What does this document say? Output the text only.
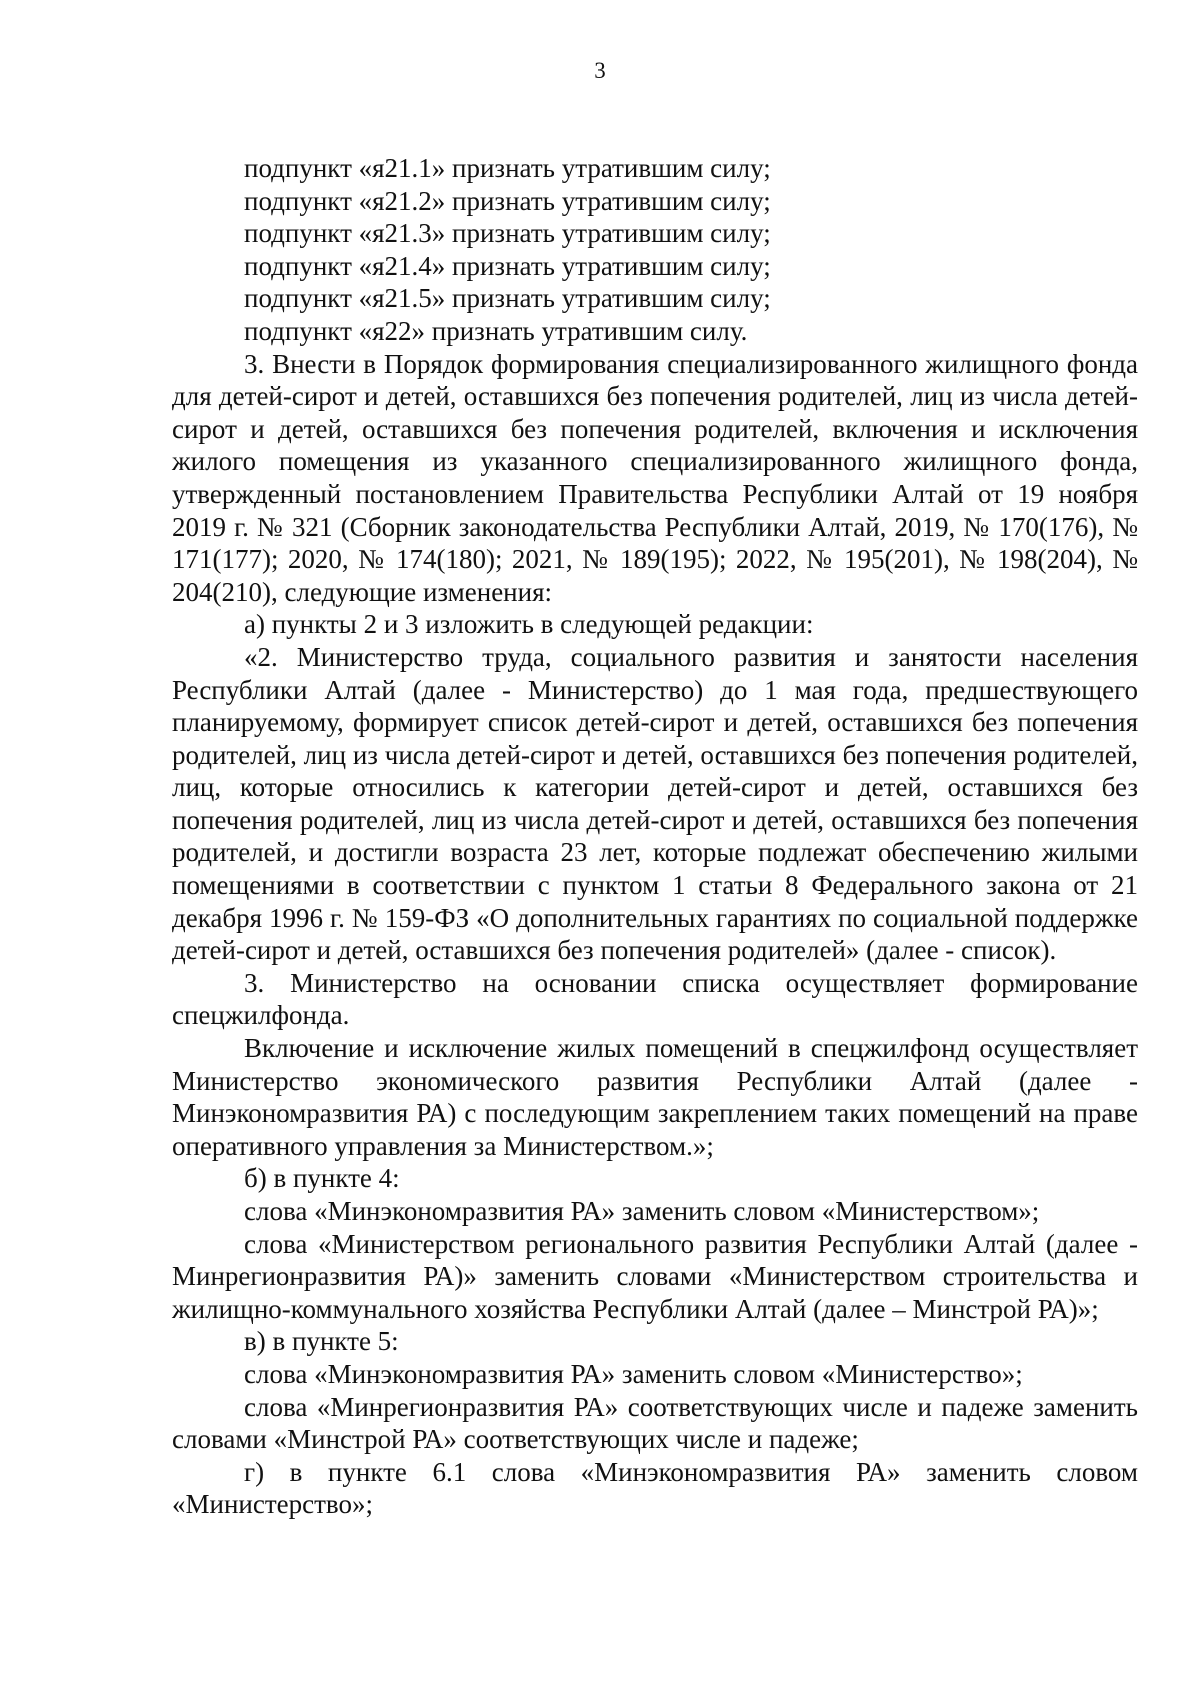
3

подпункт «я21.1» признать утратившим силу;

подпункт «я21.2» признать утратившим силу;

подпункт «я21.3» признать утратившим силу;

подпункт «я21.4» признать утратившим силу;

подпункт «я21.5» признать утратившим силу;

подпункт «я22» признать утратившим силу.

3. Внести в Порядок формирования специализированного жилищного фонда для детей-сирот и детей, оставшихся без попечения родителей, лиц из числа детей-сирот и детей, оставшихся без попечения родителей, включения и исключения жилого помещения из указанного специализированного жилищного фонда, утвержденный постановлением Правительства Республики Алтай от 19 ноября 2019 г. № 321 (Сборник законодательства Республики Алтай, 2019, № 170(176), № 171(177); 2020, № 174(180); 2021, № 189(195); 2022, № 195(201), № 198(204), № 204(210), следующие изменения:

а) пункты 2 и 3 изложить в следующей редакции:

«2. Министерство труда, социального развития и занятости населения Республики Алтай (далее - Министерство) до 1 мая года, предшествующего планируемому, формирует список детей-сирот и детей, оставшихся без попечения родителей, лиц из числа детей-сирот и детей, оставшихся без попечения родителей, лиц, которые относились к категории детей-сирот и детей, оставшихся без попечения родителей, лиц из числа детей-сирот и детей, оставшихся без попечения родителей, и достигли возраста 23 лет, которые подлежат обеспечению жилыми помещениями в соответствии с пунктом 1 статьи 8 Федерального закона от 21 декабря 1996 г. № 159-ФЗ «О дополнительных гарантиях по социальной поддержке детей-сирот и детей, оставшихся без попечения родителей» (далее - список).

3. Министерство на основании списка осуществляет формирование спецжилфонда.

Включение и исключение жилых помещений в спецжилфонд осуществляет Министерство экономического развития Республики Алтай (далее - Минэкономразвития РА) с последующим закреплением таких помещений на праве оперативного управления за Министерством.»;

б) в пункте 4:

слова «Минэкономразвития РА» заменить словом «Министерством»;

слова «Министерством регионального развития Республики Алтай (далее - Минрегионразвития РА)» заменить словами «Министерством строительства и жилищно-коммунального хозяйства Республики Алтай (далее – Минстрой РА)»;

в) в пункте 5:

слова «Минэкономразвития РА» заменить словом «Министерство»;

слова «Минрегионразвития РА» соответствующих числе и падеже заменить словами «Минстрой РА» соответствующих числе и падеже;

г) в пункте 6.1 слова «Минэкономразвития РА» заменить словом «Министерство»;
